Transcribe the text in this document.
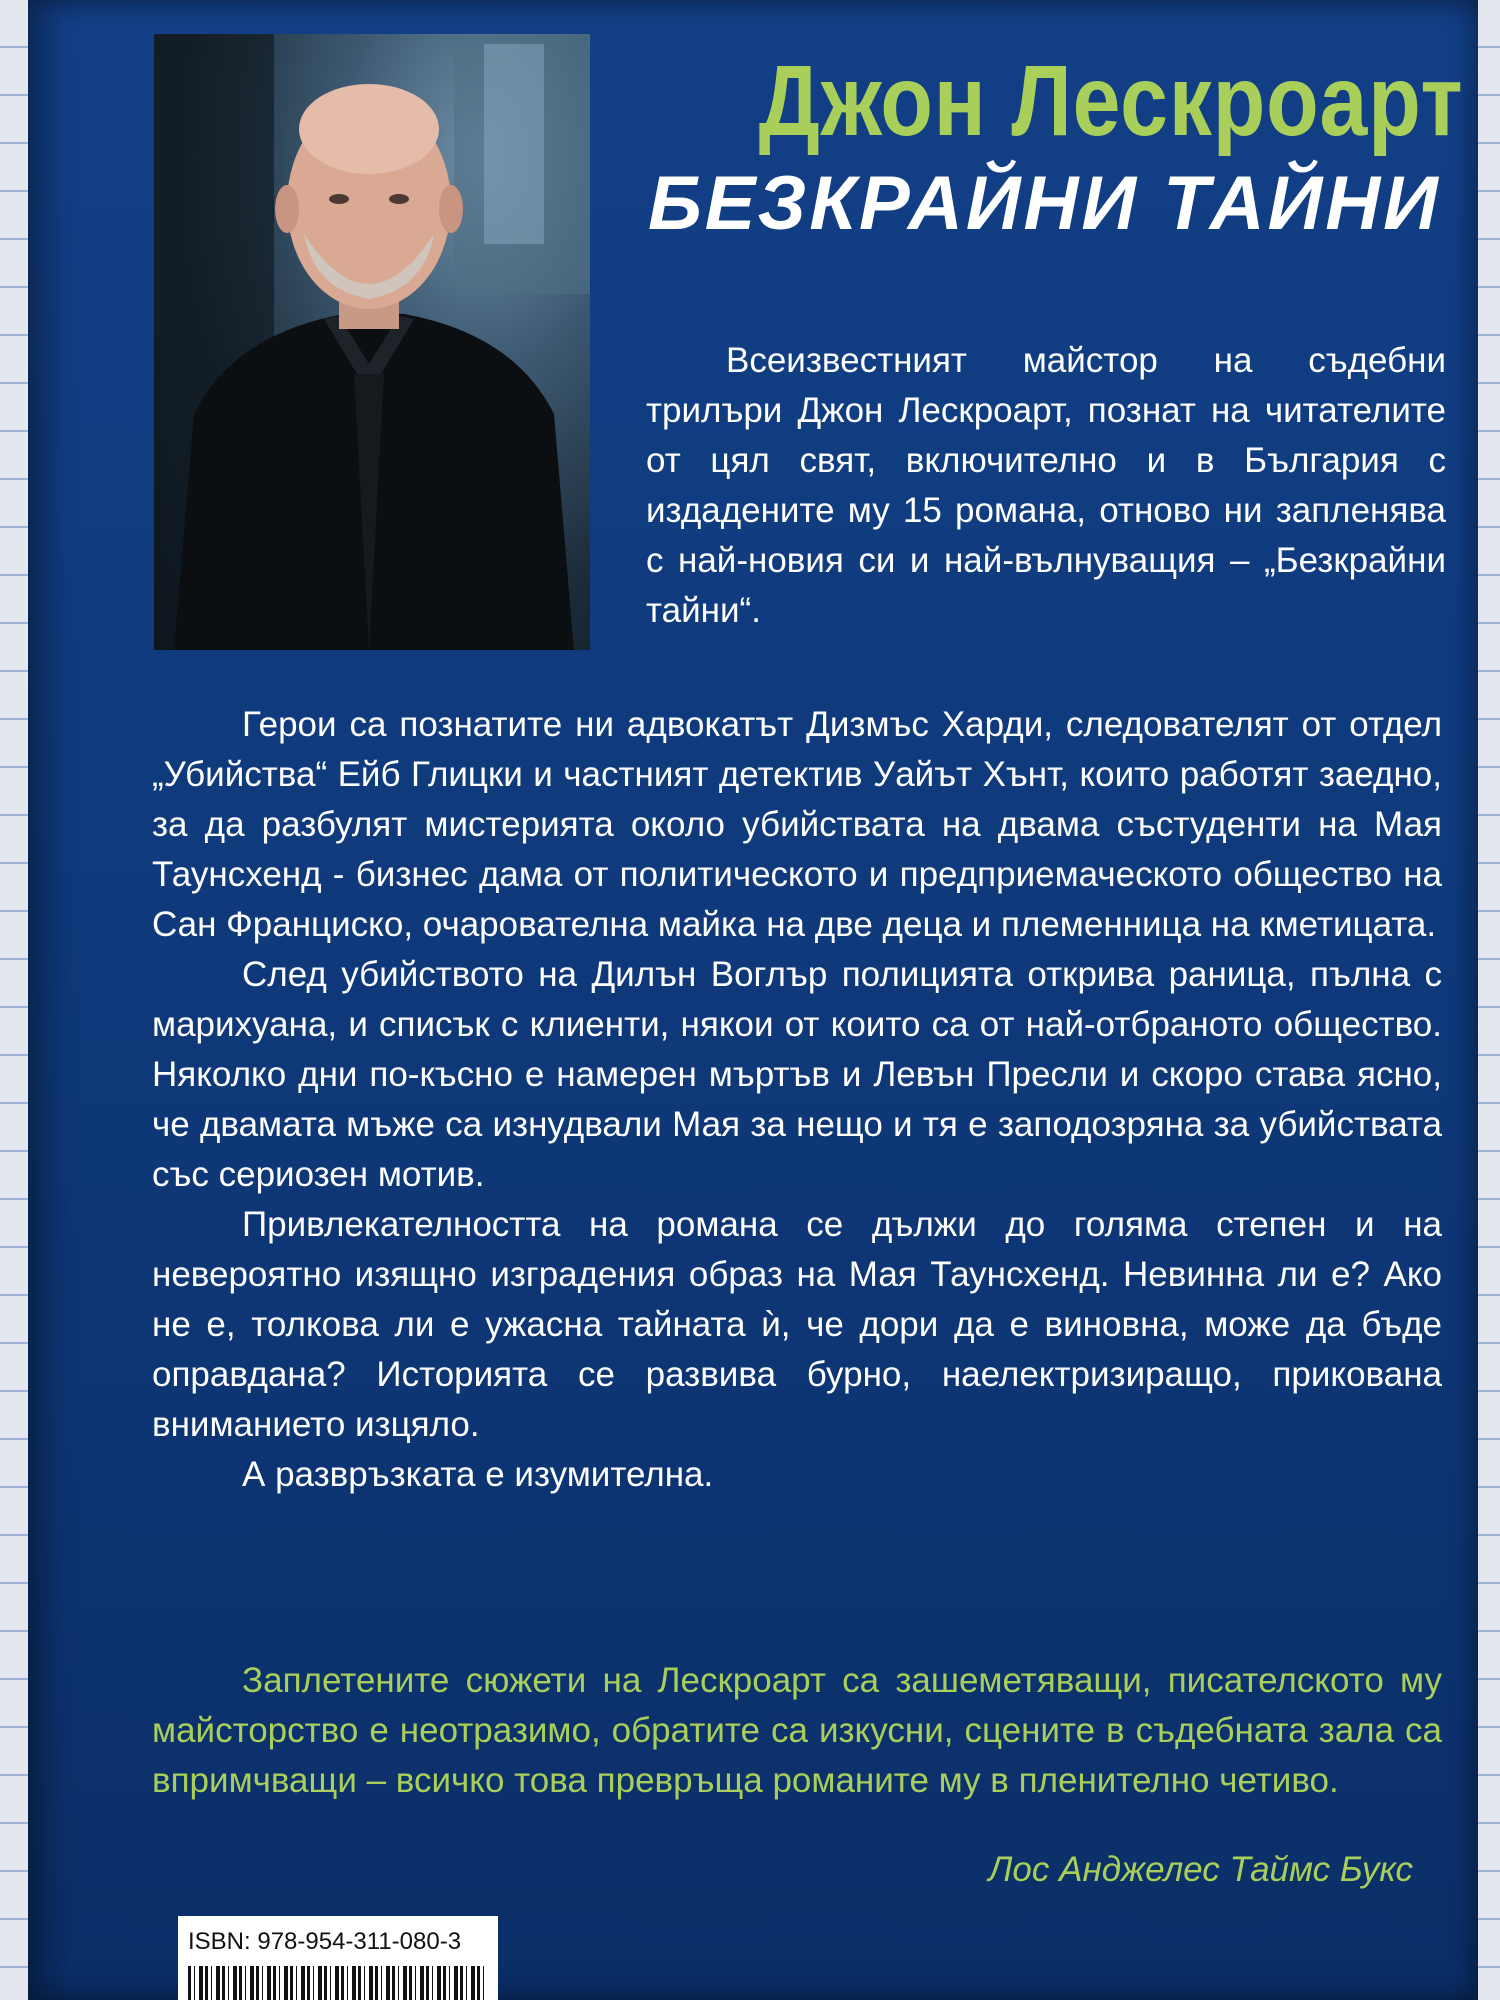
Джон Лескроарт
БЕЗКРАЙНИ ТАЙНИ

Всеизвестният майстор на съдебни трилъри Джон Лескроарт, познат на читателите от цял свят, включително и в България с издадените му 15 романа, отново ни запленява с най-новия си и най-вълнуващия – „Безкрайни тайни“.

Герои са познатите ни адвокатът Дизмъс Харди, следователят от отдел „Убийства“ Ейб Глицки и частният детектив Уайът Хънт, които работят заедно, за да разбулят мистерията около убийствата на двама състуденти на Мая Таунсхенд - бизнес дама от политическото и предприемаческото общество на Сан Франциско, очарователна майка на две деца и племенница на кметицата.

След убийството на Дилън Воглър полицията открива раница, пълна с марихуана, и списък с клиенти, някои от които са от най-отбраното общество. Няколко дни по-късно е намерен мъртъв и Левън Пресли и скоро става ясно, че двамата мъже са изнудвали Мая за нещо и тя е заподозряна за убийствата със сериозен мотив.

Привлекателността на романа се дължи до голяма степен и на невероятно изящно изградения образ на Мая Таунсхенд. Невинна ли е? Ако не е, толкова ли е ужасна тайната ѝ, че дори да е виновна, може да бъде оправдана? Историята се развива бурно, наелектризиращо, прикована вниманието изцяло.

А развръзката е изумителна.

Заплетените сюжети на Лескроарт са зашеметяващи, писателското му майсторство е неотразимо, обратите са изкусни, сцените в съдебната зала са впримчващи – всичко това превръща романите му в пленително четиво.

Лос Анджелес Таймс Букс
ISBN: 978-954-311-080-3
